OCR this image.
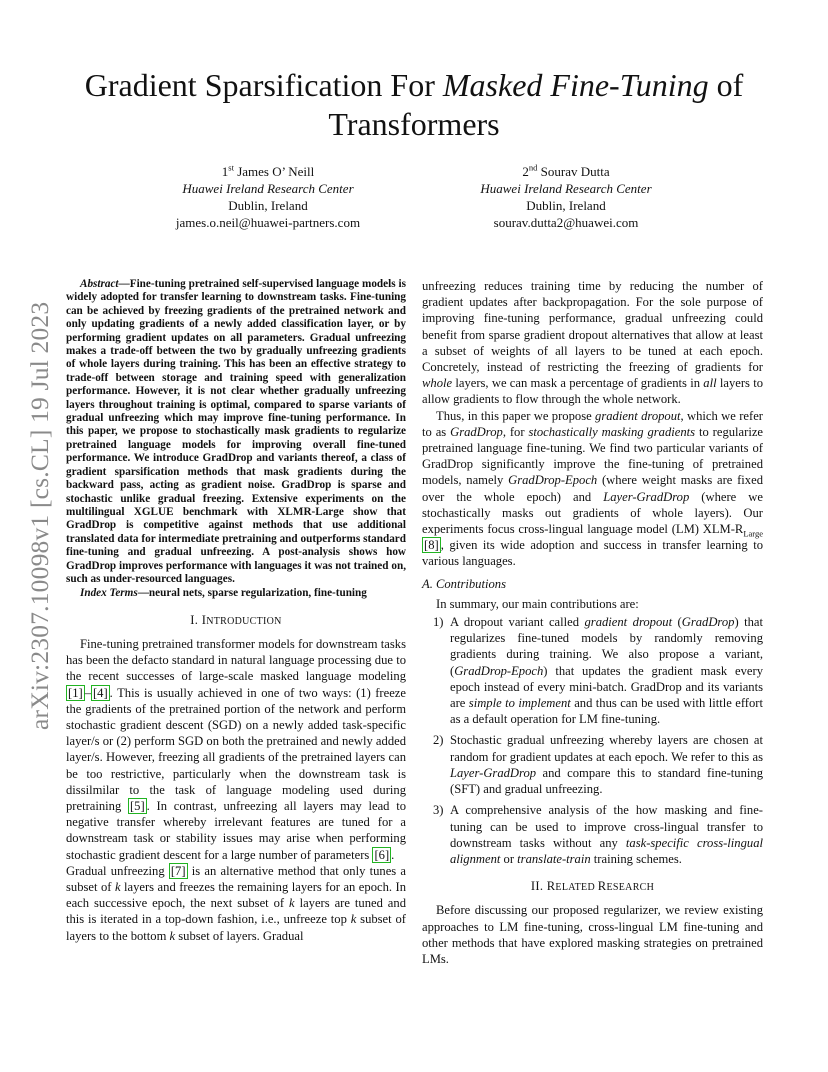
arXiv:2307.10098v1 [cs.CL] 19 Jul 2023
Gradient Sparsification For Masked Fine-Tuning of Transformers
1st James O’ Neill
Huawei Ireland Research Center
Dublin, Ireland
james.o.neil@huawei-partners.com
2nd Sourav Dutta
Huawei Ireland Research Center
Dublin, Ireland
sourav.dutta2@huawei.com

Abstract—Fine-tuning pretrained self-supervised language models is widely adopted for transfer learning to downstream tasks. Fine-tuning can be achieved by freezing gradients of the pretrained network and only updating gradients of a newly added classification layer, or by performing gradient updates on all parameters. Gradual unfreezing makes a trade-off between the two by gradually unfreezing gradients of whole layers during training. This has been an effective strategy to trade-off between storage and training speed with generalization performance. However, it is not clear whether gradually unfreezing layers throughout training is optimal, compared to sparse variants of gradual unfreezing which may improve fine-tuning performance. In this paper, we propose to stochastically mask gradients to regularize pretrained language models for improving overall fine-tuned performance. We introduce GradDrop and variants thereof, a class of gradient sparsification methods that mask gradients during the backward pass, acting as gradient noise. GradDrop is sparse and stochastic unlike gradual freezing. Extensive experiments on the multilingual XGLUE benchmark with XLMR-Large show that GradDrop is competitive against methods that use additional translated data for intermediate pretraining and outperforms standard fine-tuning and gradual unfreezing. A post-analysis shows how GradDrop improves performance with languages it was not trained on, such as under-resourced languages.

Index Terms—neural nets, sparse regularization, fine-tuning

I. INTRODUCTION

Fine-tuning pretrained transformer models for downstream tasks has been the defacto standard in natural language processing due to the recent successes of large-scale masked language modeling [1] – [4] . This is usually achieved in one of two ways: (1) freeze the gradients of the pretrained portion of the network and perform stochastic gradient descent (SGD) on a newly added task-specific layer/s or (2) perform SGD on both the pretrained and newly added layer/s. However, freezing all gradients of the pretrained layers can be too restrictive, particularly when the downstream task is dissilmilar to the task of language modeling used during pretraining [5] . In contrast, unfreezing all layers may lead to negative transfer whereby irrelevant features are tuned for a downstream task or stability issues may arise when performing stochastic gradient descent for a large number of parameters [6] .

Gradual unfreezing [7] is an alternative method that only tunes a subset of k layers and freezes the remaining layers for an epoch. In each successive epoch, the next subset of k layers are tuned and this is iterated in a top-down fashion, i.e., unfreeze top k subset of layers to the bottom k subset of layers. Gradual

unfreezing reduces training time by reducing the number of gradient updates after backpropagation. For the sole purpose of improving fine-tuning performance, gradual unfreezing could benefit from sparse gradient dropout alternatives that allow at least a subset of weights of all layers to be tuned at each epoch. Concretely, instead of restricting the freezing of gradients for whole layers, we can mask a percentage of gradients in all layers to allow gradients to flow through the whole network.

Thus, in this paper we propose gradient dropout, which we refer to as GradDrop, for stochastically masking gradients to regularize pretrained language fine-tuning. We find two particular variants of GradDrop significantly improve the fine-tuning of pretrained models, namely GradDrop-Epoch (where weight masks are fixed over the whole epoch) and Layer-GradDrop (where we stochastically masks out gradients of whole layers). Our experiments focus cross-lingual language model (LM) XLM-$R_{Large}$ [8] , given its wide adoption and success in transfer learning to various languages.

A. Contributions

In summary, our main contributions are:

1) A dropout variant called gradient dropout (GradDrop) that regularizes fine-tuned models by randomly removing gradients during training. We also propose a variant, (GradDrop-Epoch) that updates the gradient mask every epoch instead of every mini-batch. GradDrop and its variants are simple to implement and thus can be used with little effort as a default operation for LM fine-tuning.
2) Stochastic gradual unfreezing whereby layers are chosen at random for gradient updates at each epoch. We refer to this as Layer-GradDrop and compare this to standard fine-tuning (SFT) and gradual unfreezing.
3) A comprehensive analysis of the how masking and fine-tuning can be used to improve cross-lingual transfer to downstream tasks without any task-specific cross-lingual alignment or translate-train training schemes.

II. RELATED RESEARCH

Before discussing our proposed regularizer, we review existing approaches to LM fine-tuning, cross-lingual LM fine-tuning and other methods that have explored masking strategies on pretrained LMs.
